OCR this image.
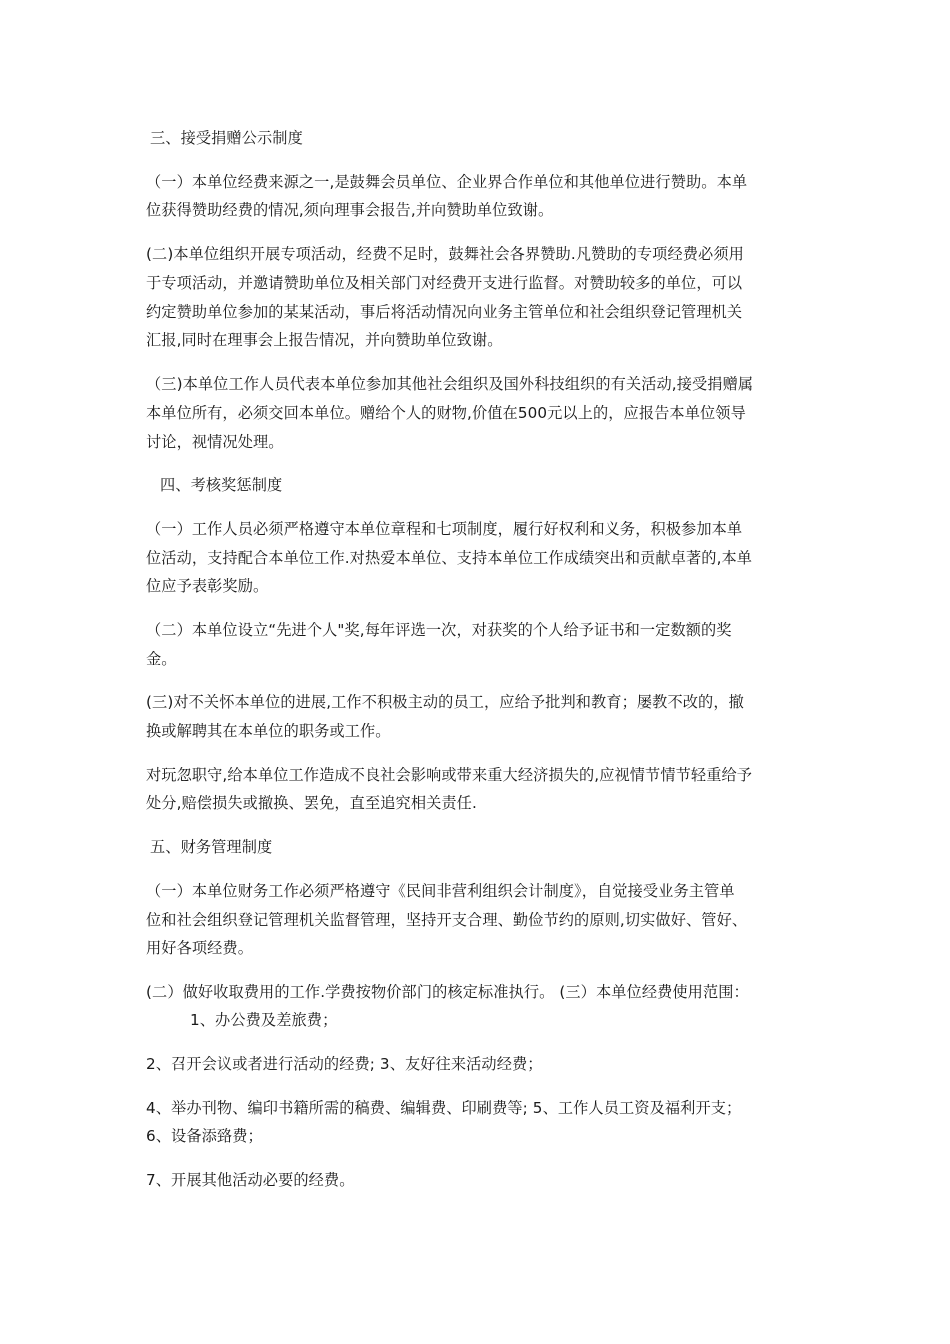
三、接受捐赠公示制度
（一）本单位经费来源之一,是鼓舞会员单位、企业界合作单位和其他单位进行赞助。本单
位获得赞助经费的情况,须向理事会报告,并向赞助单位致谢。
(二)本单位组织开展专项活动，经费不足时，鼓舞社会各界赞助.凡赞助的专项经费必须用
于专项活动，并邀请赞助单位及相关部门对经费开支进行监督。对赞助较多的单位，可以
约定赞助单位参加的某某活动，事后将活动情况向业务主管单位和社会组织登记管理机关
汇报,同时在理事会上报告情况，并向赞助单位致谢。
（三)本单位工作人员代表本单位参加其他社会组织及国外科技组织的有关活动,接受捐赠属
本单位所有，必须交回本单位。赠给个人的财物,价值在500元以上的，应报告本单位领导
讨论，视情况处理。
四、考核奖惩制度
（一）工作人员必须严格遵守本单位章程和七项制度，履行好权利和义务，积极参加本单
位活动，支持配合本单位工作.对热爱本单位、支持本单位工作成绩突出和贡献卓著的,本单
位应予表彰奖励。
（二）本单位设立“先进个人"奖,每年评选一次，对获奖的个人给予证书和一定数额的奖
金。
(三)对不关怀本单位的进展,工作不积极主动的员工，应给予批判和教育；屡教不改的，撤
换或解聘其在本单位的职务或工作。
对玩忽职守,给本单位工作造成不良社会影响或带来重大经济损失的,应视情节情节轻重给予
处分,赔偿损失或撤换、罢免，直至追究相关责任.
五、财务管理制度
（一）本单位财务工作必须严格遵守《民间非营利组织会计制度》，自觉接受业务主管单
位和社会组织登记管理机关监督管理，坚持开支合理、勤俭节约的原则,切实做好、管好、
用好各项经费。
(二）做好收取费用的工作.学费按物价部门的核定标准执行。 (三）本单位经费使用范围：
1、办公费及差旅费；
2、召开会议或者进行活动的经费; 3、友好往来活动经费；
4、举办刊物、编印书籍所需的稿费、编辑费、印刷费等; 5、工作人员工资及福利开支；
6、设备添臵费；
7、开展其他活动必要的经费。
